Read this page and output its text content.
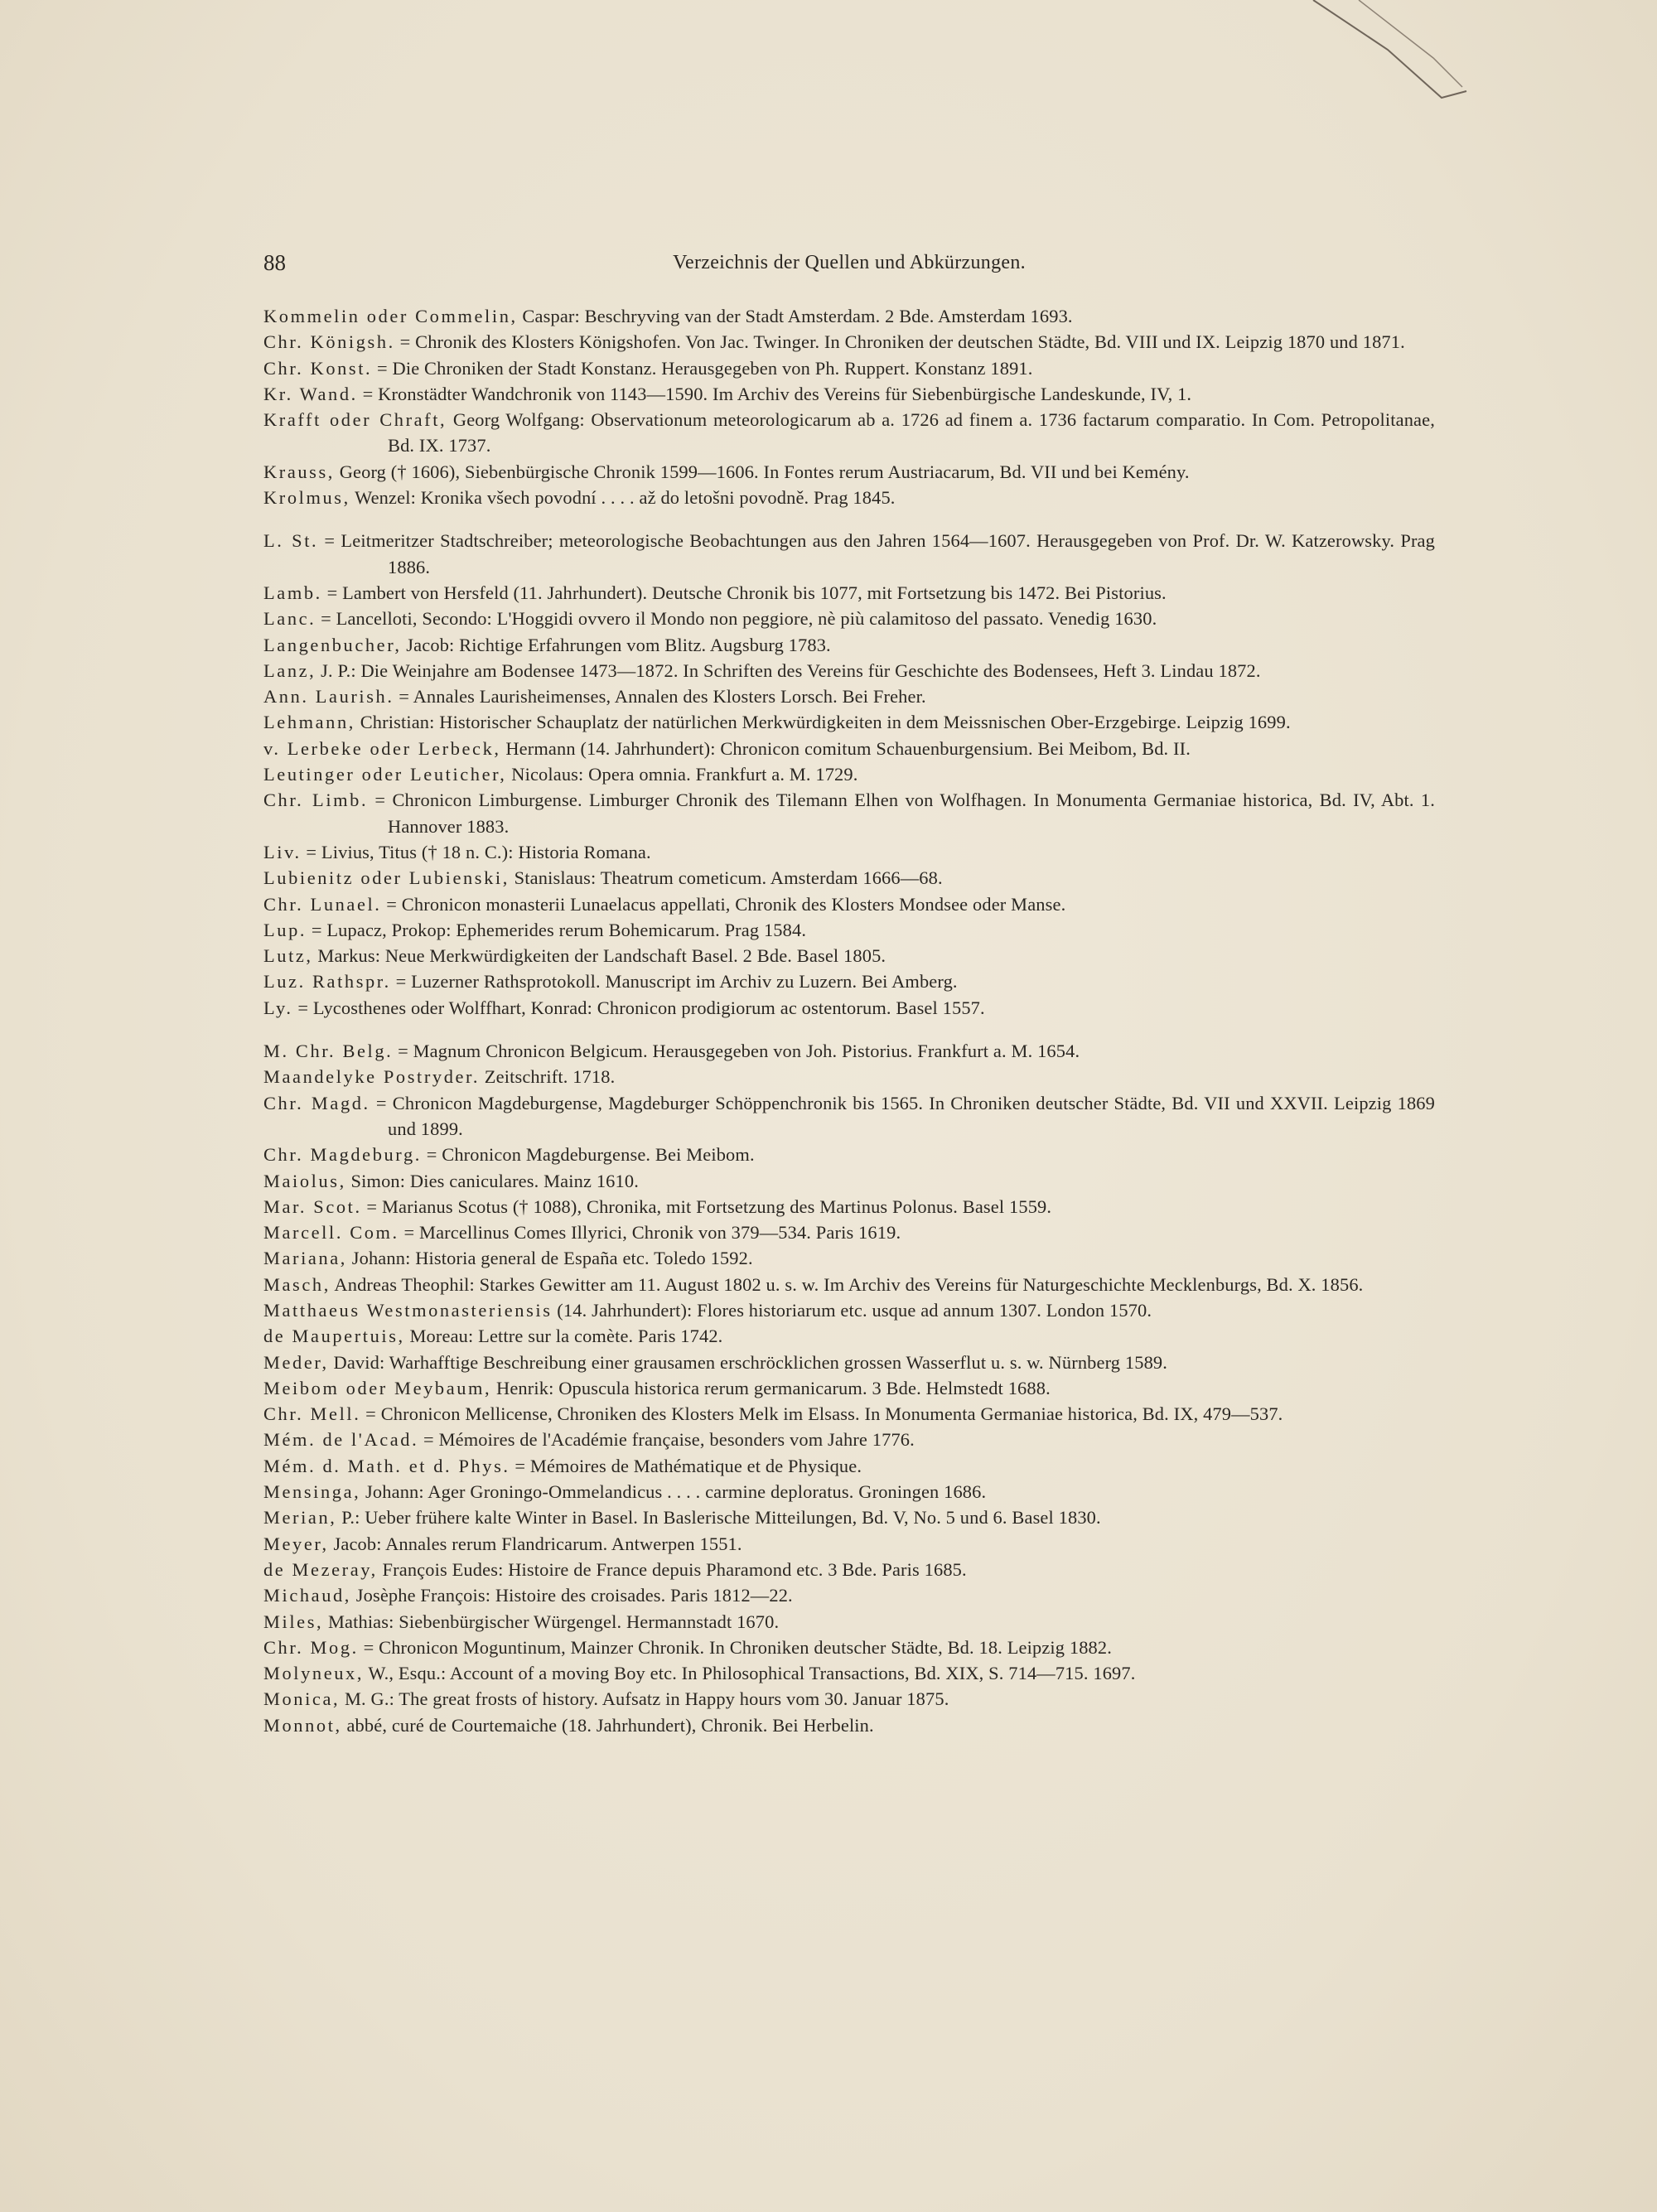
88	Verzeichnis der Quellen und Abkürzungen.
Kommelin oder Commelin, Caspar: Beschryving van der Stadt Amsterdam. 2 Bde. Amsterdam 1693.
Chr. Königsh. = Chronik des Klosters Königshofen. Von Jac. Twinger. In Chroniken der deutschen Städte, Bd. VIII und IX. Leipzig 1870 und 1871.
Chr. Konst. = Die Chroniken der Stadt Konstanz. Herausgegeben von Ph. Ruppert. Konstanz 1891.
Kr. Wand. = Kronstädter Wandchronik von 1143—1590. Im Archiv des Vereins für Siebenbürgische Landeskunde, IV, 1.
Krafft oder Chraft, Georg Wolfgang: Observationum meteorologicarum ab a. 1726 ad finem a. 1736 factarum comparatio. In Com. Petropolitanae, Bd. IX. 1737.
Krauss, Georg († 1606), Siebenbürgische Chronik 1599—1606. In Fontes rerum Austriacarum, Bd. VII und bei Kemény.
Krolmus, Wenzel: Kronika všech povodní . . . . až do letošni povodně. Prag 1845.
L. St. = Leitmeritzer Stadtschreiber; meteorologische Beobachtungen aus den Jahren 1564—1607. Herausgegeben von Prof. Dr. W. Katzerowsky. Prag 1886.
Lamb. = Lambert von Hersfeld (11. Jahrhundert). Deutsche Chronik bis 1077, mit Fortsetzung bis 1472. Bei Pistorius.
Lanc. = Lancelloti, Secondo: L'Hoggidi ovvero il Mondo non peggiore, nè più calamitoso del passato. Venedig 1630.
Langenbucher, Jacob: Richtige Erfahrungen vom Blitz. Augsburg 1783.
Lanz, J. P.: Die Weinjahre am Bodensee 1473—1872. In Schriften des Vereins für Geschichte des Bodensees, Heft 3. Lindau 1872.
Ann. Laurish. = Annales Laurisheimenses, Annalen des Klosters Lorsch. Bei Freher.
Lehmann, Christian: Historischer Schauplatz der natürlichen Merkwürdigkeiten in dem Meissnischen Ober-Erzgebirge. Leipzig 1699.
v. Lerbeke oder Lerbeck, Hermann (14. Jahrhundert): Chronicon comitum Schauenburgensium. Bei Meibom, Bd. II.
Leutinger oder Leuticher, Nicolaus: Opera omnia. Frankfurt a. M. 1729.
Chr. Limb. = Chronicon Limburgense. Limburger Chronik des Tilemann Elhen von Wolfhagen. In Monumenta Germaniae historica, Bd. IV, Abt. 1. Hannover 1883.
Liv. = Livius, Titus († 18 n. C.): Historia Romana.
Lubienitz oder Lubienski, Stanislaus: Theatrum cometicum. Amsterdam 1666—68.
Chr. Lunael. = Chronicon monasterii Lunaelacus appellati, Chronik des Klosters Mondsee oder Manse.
Lup. = Lupacz, Prokop: Ephemerides rerum Bohemicarum. Prag 1584.
Lutz, Markus: Neue Merkwürdigkeiten der Landschaft Basel. 2 Bde. Basel 1805.
Luz. Rathspr. = Luzerner Rathsprotokoll. Manuscript im Archiv zu Luzern. Bei Amberg.
Ly. = Lycosthenes oder Wolffhart, Konrad: Chronicon prodigiorum ac ostentorum. Basel 1557.
M. Chr. Belg. = Magnum Chronicon Belgicum. Herausgegeben von Joh. Pistorius. Frankfurt a. M. 1654.
Maandelyke Postryder. Zeitschrift. 1718.
Chr. Magd. = Chronicon Magdeburgense, Magdeburger Schöppenchronik bis 1565. In Chroniken deutscher Städte, Bd. VII und XXVII. Leipzig 1869 und 1899.
Chr. Magdeburg. = Chronicon Magdeburgense. Bei Meibom.
Maiolus, Simon: Dies caniculares. Mainz 1610.
Mar. Scot. = Marianus Scotus († 1088), Chronika, mit Fortsetzung des Martinus Polonus. Basel 1559.
Marcell. Com. = Marcellinus Comes Illyrici, Chronik von 379—534. Paris 1619.
Mariana, Johann: Historia general de España etc. Toledo 1592.
Masch, Andreas Theophil: Starkes Gewitter am 11. August 1802 u. s. w. Im Archiv des Vereins für Naturgeschichte Mecklenburgs, Bd. X. 1856.
Matthaeus Westmonasteriensis (14. Jahrhundert): Flores historiarum etc. usque ad annum 1307. London 1570.
de Maupertuis, Moreau: Lettre sur la comète. Paris 1742.
Meder, David: Warhafftige Beschreibung einer grausamen erschröcklichen grossen Wasserflut u. s. w. Nürnberg 1589.
Meibom oder Meybaum, Henrik: Opuscula historica rerum germanicarum. 3 Bde. Helmstedt 1688.
Chr. Mell. = Chronicon Mellicense, Chroniken des Klosters Melk im Elsass. In Monumenta Germaniae historica, Bd. IX, 479—537.
Mém. de l'Acad. = Mémoires de l'Académie française, besonders vom Jahre 1776.
Mém. d. Math. et d. Phys. = Mémoires de Mathématique et de Physique.
Mensinga, Johann: Ager Groningo-Ommelandicus . . . . carmine deploratus. Groningen 1686.
Merian, P.: Ueber frühere kalte Winter in Basel. In Baslerische Mitteilungen, Bd. V, No. 5 und 6. Basel 1830.
Meyer, Jacob: Annales rerum Flandricarum. Antwerpen 1551.
de Mezeray, François Eudes: Histoire de France depuis Pharamond etc. 3 Bde. Paris 1685.
Michaud, Josèphe François: Histoire des croisades. Paris 1812—22.
Miles, Mathias: Siebenbürgischer Würgengel. Hermannstadt 1670.
Chr. Mog. = Chronicon Moguntinum, Mainzer Chronik. In Chroniken deutscher Städte, Bd. 18. Leipzig 1882.
Molyneux, W., Esqu.: Account of a moving Boy etc. In Philosophical Transactions, Bd. XIX, S. 714—715. 1697.
Monica, M. G.: The great frosts of history. Aufsatz in Happy hours vom 30. Januar 1875.
Monnot, abbé, curé de Courtemaiche (18. Jahrhundert), Chronik. Bei Herbelin.
